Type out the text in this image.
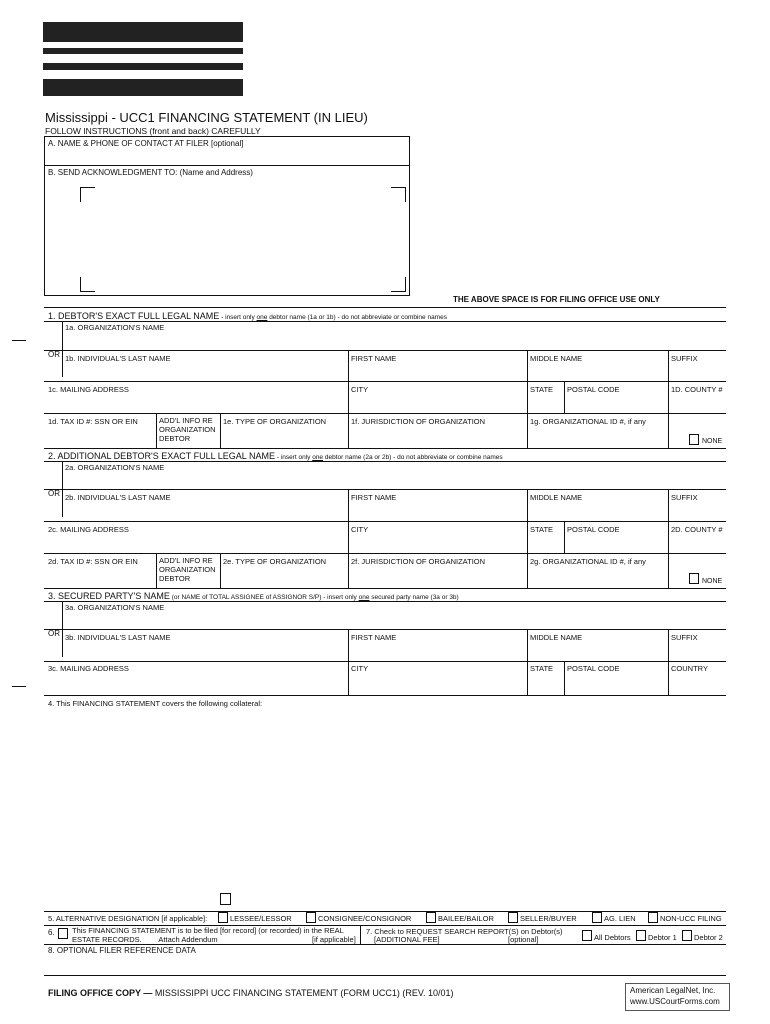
Mississippi - UCC1 FINANCING STATEMENT (IN LIEU)
FOLLOW INSTRUCTIONS (front and back) CAREFULLY
A. NAME & PHONE OF CONTACT AT FILER [optional]
B. SEND ACKNOWLEDGMENT TO: (Name and Address)
THE ABOVE SPACE IS FOR FILING OFFICE USE ONLY
1. DEBTOR'S EXACT FULL LEGAL NAME - insert only one debtor name (1a or 1b) - do not abbreviate or combine names
1a. ORGANIZATION'S NAME
OR 1b. INDIVIDUAL'S LAST NAME	FIRST NAME	MIDDLE NAME	SUFFIX
1c. MAILING ADDRESS	CITY	STATE POSTAL CODE	1D. COUNTY #
1d. TAX ID #: SSN OR EIN	ADD'L INFO RE
ORGANIZATION
DEBTOR
1e. TYPE OF ORGANIZATION	1f. JURISDICTION OF ORGANIZATION	1g. ORGANIZATIONAL ID #, if any
NONE
2. ADDITIONAL DEBTOR'S EXACT FULL LEGAL NAME - insert only one debtor name (2a or 2b) - do not abbreviate or combine names
2a. ORGANIZATION'S NAME
OR 2b. INDIVIDUAL'S LAST NAME	FIRST NAME	MIDDLE NAME	SUFFIX
2c. MAILING ADDRESS	CITY	STATE POSTAL CODE	2D. COUNTY #
2d. TAX ID #: SSN OR EIN	ADD'L INFO RE
ORGANIZATION
DEBTOR
2e. TYPE OF ORGANIZATION	2f. JURISDICTION OF ORGANIZATION	2g. ORGANIZATIONAL ID #, if any
NONE
3. SECURED PARTY'S NAME (or NAME of TOTAL ASSIGNEE of ASSIGNOR S/P) - insert only one secured party name (3a or 3b)
3a. ORGANIZATION'S NAME
OR 3b. INDIVIDUAL'S LAST NAME	FIRST NAME	MIDDLE NAME	SUFFIX
3c. MAILING ADDRESS	CITY	STATE POSTAL CODE	COUNTRY
4. This FINANCING STATEMENT covers the following collateral:
5. ALTERNATIVE DESIGNATION [if applicable]:	LESSEE/LESSOR	CONSIGNEE/CONSIGNOR	BAILEE/BAILOR	SELLER/BUYER	AG. LIEN	NON-UCC FILING
6. This FINANCING STATEMENT is to be filed [for record] (or recorded) in the REAL
ESTATE RECORDS. Attach Addendum	[if applicable]
7. Check to REQUEST SEARCH REPORT(S) on Debtor(s)
[ADDITIONAL FEE]	[optional]	All Debtors Debtor 1 Debtor 2
8. OPTIONAL FILER REFERENCE DATA
FILING OFFICE COPY — MISSISSIPPI UCC FINANCING STATEMENT (FORM UCC1) (REV. 10/01)	American LegalNet, Inc.
www.USCourtForms.com
